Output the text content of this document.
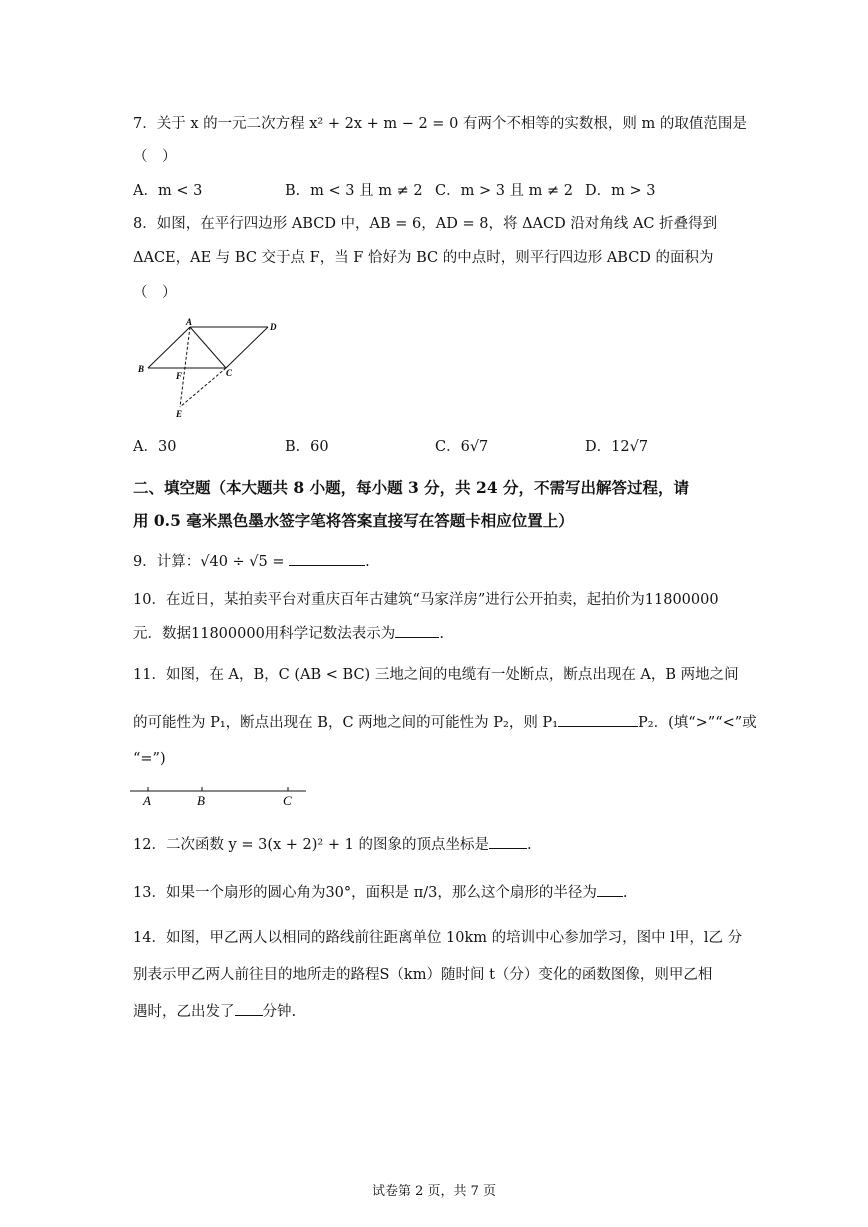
7．关于 x 的一元二次方程 x² + 2x + m − 2 = 0 有两个不相等的实数根，则 m 的取值范围是
（　）
A．m < 3	B．m < 3 且 m ≠ 2 C．m > 3 且 m ≠ 2 D．m > 3
8．如图，在平行四边形 ABCD 中，AB = 6，AD = 8，将 ΔACD 沿对角线 AC 折叠得到
ΔACE，AE 与 BC 交于点 F，当 F 恰好为 BC 的中点时，则平行四边形 ABCD 的面积为
（　）
A	D
B	C
F
E
A．30	B．60	C．6√7	D．12√7
二、填空题（本大题共 8 小题，每小题 3 分，共 24 分，不需写出解答过程，请
用 0.5 毫米黑色墨水签字笔将答案直接写在答题卡相应位置上）
9．计算：√40 ÷ √5 =	.
10．在近日，某拍卖平台对重庆百年古建筑“马家洋房”进行公开拍卖，起拍价为11800000
元．数据11800000用科学记数法表示为	.
11．如图，在 A，B，C (AB < BC) 三地之间的电缆有一处断点，断点出现在 A，B 两地之间
的可能性为 P₁，断点出现在 B，C 两地之间的可能性为 P₂，则 P₁	P₂．(填“>”“<”或
“=”)
A	B	C
12．二次函数 y = 3(x + 2)² + 1 的图象的顶点坐标是	.
13．如果一个扇形的圆心角为30°，面积是 π/3，那么这个扇形的半径为 .
14．如图，甲乙两人以相同的路线前往距离单位 10km 的培训中心参加学习，图中 l甲，l乙 分
别表示甲乙两人前往目的地所走的路程S（km）随时间 t（分）变化的函数图像，则甲乙相
遇时，乙出发了 分钟.
试卷第 2 页，共 7 页
